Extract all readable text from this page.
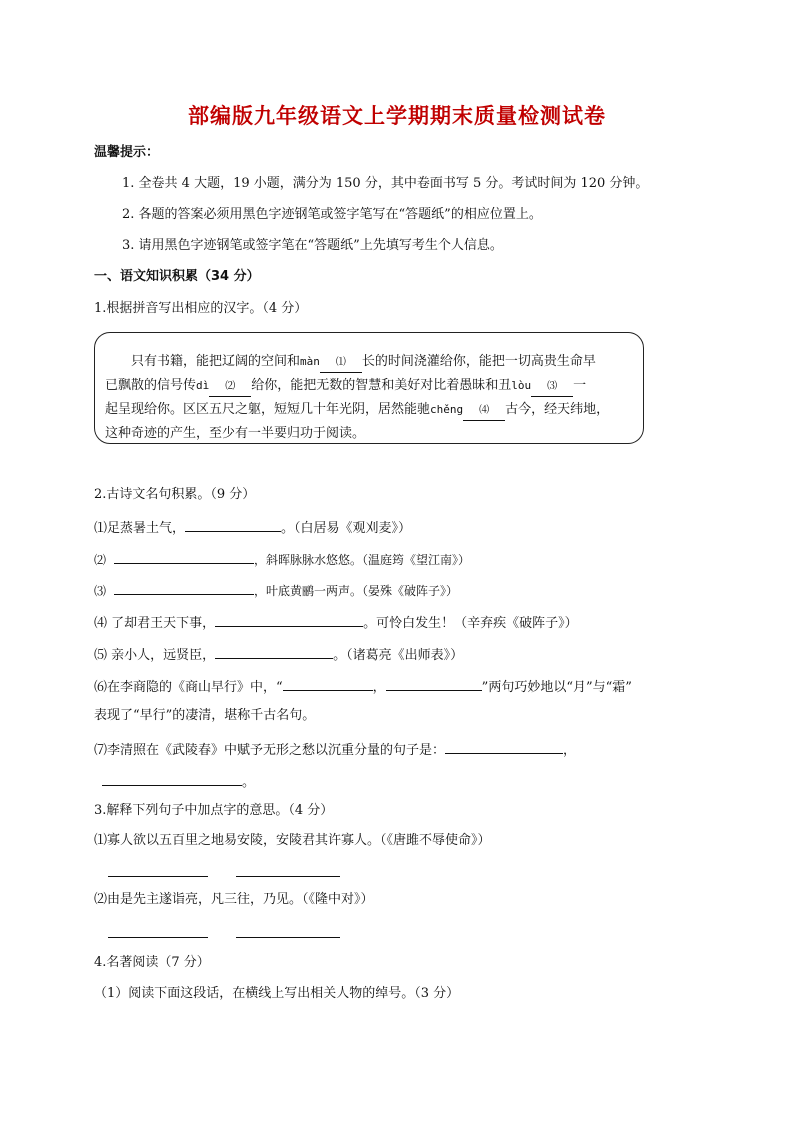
部编版九年级语文上学期期末质量检测试卷
温馨提示：
1. 全卷共 4 大题，19 小题，满分为 150 分，其中卷面书写 5 分。考试时间为 120 分钟。
2. 各题的答案必须用黑色字迹钢笔或签字笔写在“答题纸”的相应位置上。
3. 请用黑色字迹钢笔或签字笔在“答题纸”上先填写考生个人信息。
一、语文知识积累（34 分）
1.根据拼音写出相应的汉字。（4 分）

只有书籍，能把辽阔的空间和màn ⑴ 长的时间浇灌给你，能把一切高贵生命早
已飘散的信号传dì ⑵ 给你，能把无数的智慧和美好对比着愚昧和丑lòu ⑶ 一
起呈现给你。区区五尺之躯，短短几十年光阴，居然能驰chěng ⑷ 古今，经天纬地，
这种奇迹的产生，至少有一半要归功于阅读。

2.古诗文名句积累。（9 分）
⑴足蒸暑土气，	。（白居易《观刈麦》）
⑵	，斜晖脉脉水悠悠。（温庭筠《望江南》）
⑶	，叶底黄鹂一两声。（晏殊《破阵子》）
⑷ 了却君王天下事，	。可怜白发生！（辛弃疾《破阵子》）
⑸ 亲小人，远贤臣，	。（诸葛亮《出师表》）
⑹在李商隐的《商山早行》中，“	，	”两句巧妙地以“月”与“霜”
表现了“早行”的凄清，堪称千古名句。
⑺李清照在《武陵春》中赋予无形之愁以沉重分量的句子是：	，
。
3.解释下列句子中加点字的意思。（4 分）
⑴寡人欲以五百里之地易安陵，安陵君其许寡人。（《唐雎不辱使命》）
⑵由是先主遂诣亮，凡三往，乃见。（《隆中对》）
4.名著阅读（7 分）
（1）阅读下面这段话，在横线上写出相关人物的绰号。（3 分）
